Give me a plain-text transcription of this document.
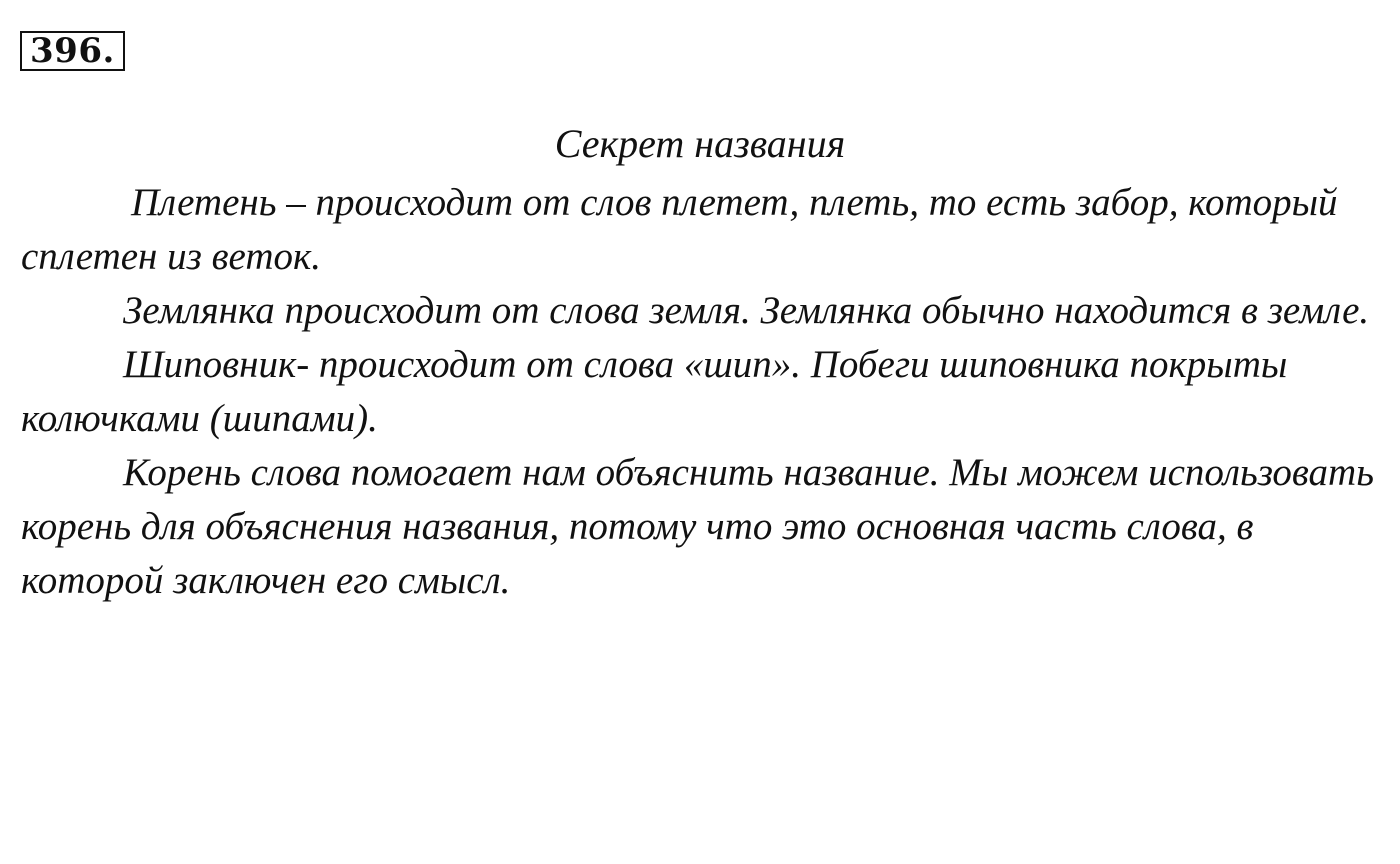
396.
Секрет названия

Плетень – происходит от слов плетет, плеть, то есть забор, который сплетен из веток.

Землянка происходит от слова земля. Землянка обычно находится в земле.

Шиповник- происходит от слова «шип». Побеги шиповника покрыты колючками (шипами).

Корень слова помогает нам объяснить название. Мы можем использовать корень для объяснения названия, потому что это основная часть слова, в которой заключен его смысл.
